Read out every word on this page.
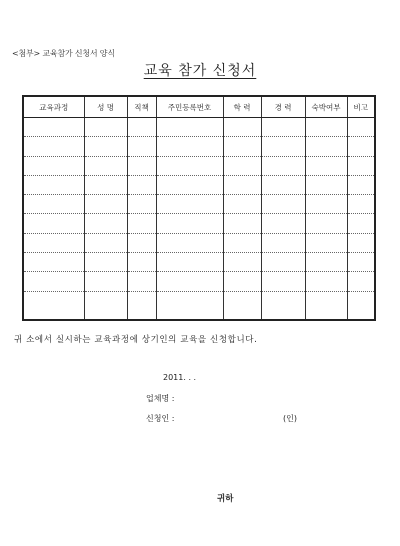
<첨부> 교육참가 신청서 양식
교육 참가 신청서
교육과정	성 명	직책	주민등록번호	학 력	경 력	숙박여부	비고

귀 소에서 실시하는 교육과정에 상기인의 교육을 신청합니다.
2011. . .
업체명 :
신청인 :	(인)
귀하
